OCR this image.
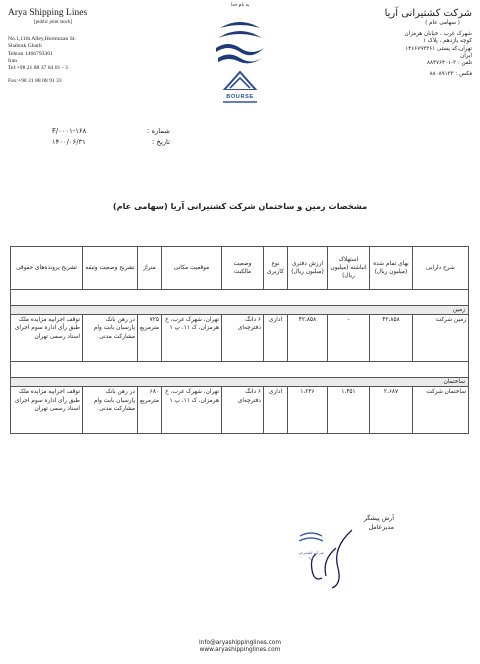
Arya Shipping Lines
[public joint stock]
No.1,11th Alley,Hormozan St.
Shahrak Gharb
Tehran 1466793361
Iran
Tel:+98 21 88 37 64 01 - 3
Fax:+98 21 88 08 91 33
به نام خدا
BOURSE
شرکت کشتیرانی آریا
( سهامی عام )
شهرک غرب ، خیابان هرمزان
کوچه یازدهم ، پلاک ۱
تهران،کد پستی ۱۴۶۶۷۹۳۳۶۱
ایران
تلفن : ۳-۸۸۳۷۶۴۰۱
فکس : ۸۸۰۸۹۱۳۳
شماره :
تاریخ :
F/۰۰۰۱-۱۶۸
۱۴۰۰/۰۶/۳۱
مشخصات زمین و ساختمان شرکت کشتیرانی آریا (سهامی عام)
شرح دارایی	بهای تمام شده (میلیون ریال)	استهلاک انباشته (میلیون ریال)	ارزش دفتری (میلیون ریال)	نوع کاربری	وضعیت مالکیت	موقعیت مکانی	متراژ	تشریح وضعیت وثیقه	تشریح پرونده‌های حقوقی

زمین									
زمین شرکت	۴۲،۸۵۸	-	۴۲،۸۵۸	اداری	۶ دانگ دفترچه‌ای	تهران، شهرک غرب، خ هرمزان، ک ۱۱، پ ۱	۷۲۵ مترمربع	در رهن بانک پارسیان بابت وام مشارکت مدنی	توقف اجراییه مزایده ملک طبق رأی اداره سوم اجرای اسناد رسمی تهران

ساختمان									
ساختمان شرکت	۲،۶۸۷	۱،۴۵۱	۱،۲۳۶	اداری	۶ دانگ دفترچه‌ای	تهران، شهرک غرب، خ هرمزان، ک ۱۱، پ ۱	۶۸۰ مترمربع	در رهن بانک پارسیان بابت وام مشارکت مدنی	توقف اجراییه مزایده ملک طبق رأی اداره سوم اجرای اسناد رسمی تهران
آرش پیشگر
مدیرعامل
شرکت کشتیرانی آریا
Info@aryashippinglines.com
www.aryashippinglines.com
